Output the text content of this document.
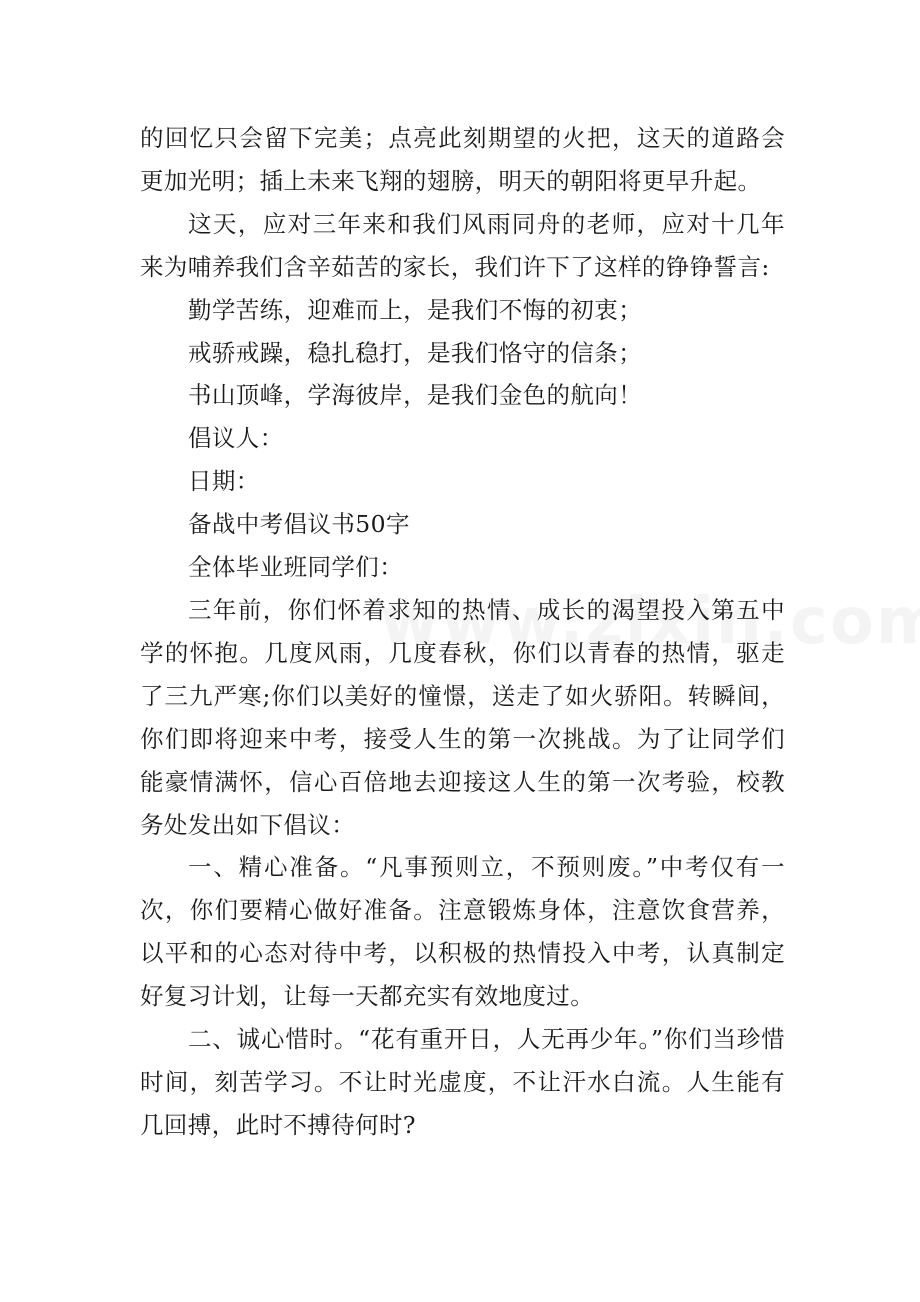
的回忆只会留下完美；点亮此刻期望的火把，这天的道路会更加光明；插上未来飞翔的翅膀，明天的朝阳将更早升起。

这天，应对三年来和我们风雨同舟的老师，应对十几年来为哺养我们含辛茹苦的家长，我们许下了这样的铮铮誓言:

勤学苦练，迎难而上，是我们不悔的初衷；

戒骄戒躁，稳扎稳打，是我们恪守的信条；

书山顶峰，学海彼岸，是我们金色的航向！

倡议人：

日期：

备战中考倡议书50字

全体毕业班同学们：

三年前，你们怀着求知的热情、成长的渴望投入第五中学的怀抱。几度风雨，几度春秋，你们以青春的热情，驱走了三九严寒;你们以美好的憧憬，送走了如火骄阳。转瞬间，你们即将迎来中考，接受人生的第一次挑战。为了让同学们能豪情满怀，信心百倍地去迎接这人生的第一次考验，校教务处发出如下倡议：

一、精心准备。“凡事预则立，不预则废。”中考仅有一次，你们要精心做好准备。注意锻炼身体，注意饮食营养，以平和的心态对待中考，以积极的热情投入中考，认真制定好复习计划，让每一天都充实有效地度过。

二、诚心惜时。“花有重开日，人无再少年。”你们当珍惜时间，刻苦学习。不让时光虚度，不让汗水白流。人生能有几回搏，此时不搏待何时?
